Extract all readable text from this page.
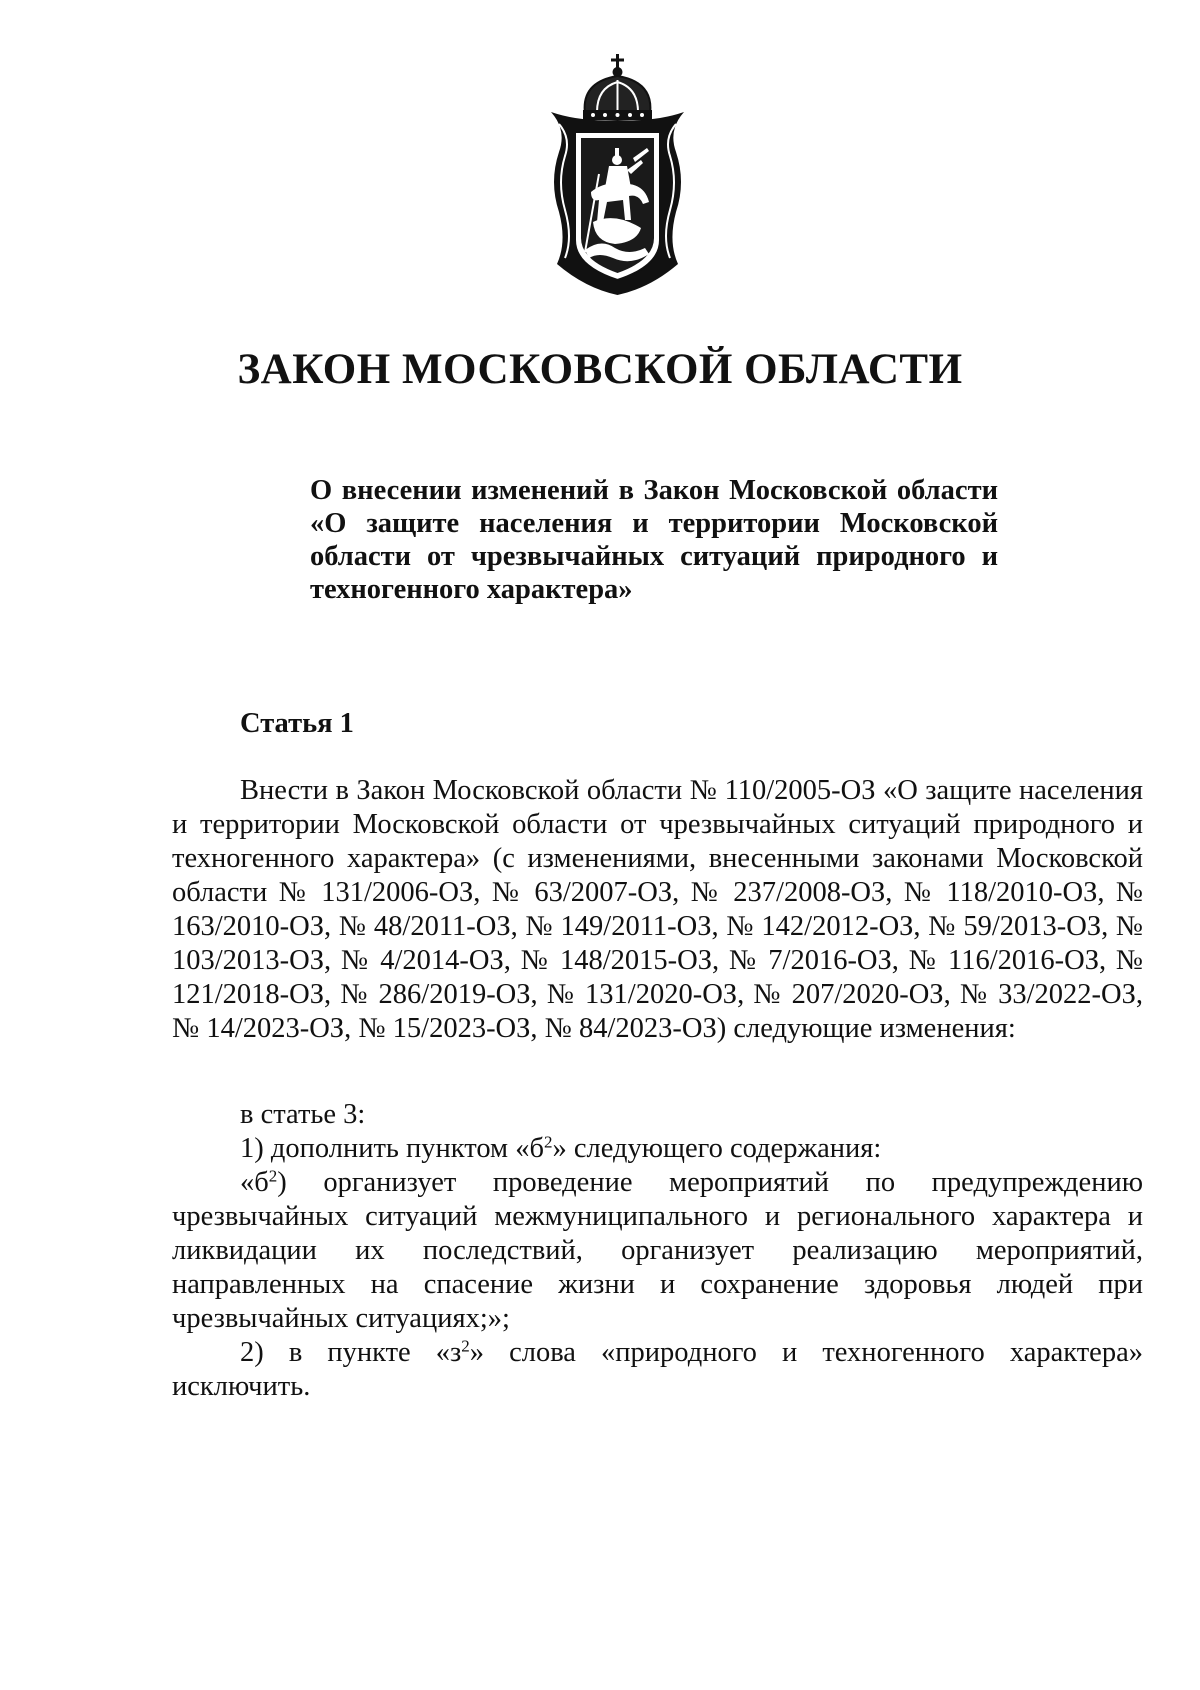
ЗАКОН МОСКОВСКОЙ ОБЛАСТИ

О внесении изменений в Закон Московской области «О защите населения и территории Московской области от чрезвычайных ситуаций природного и техногенного характера»

Статья 1

Внести в Закон Московской области № 110/2005-ОЗ «О защите населения и территории Московской области от чрезвычайных ситуаций природного и техногенного характера» (с изменениями, внесенными законами Московской области № 131/2006-ОЗ, № 63/2007-ОЗ, № 237/2008-ОЗ, № 118/2010-ОЗ, № 163/2010-ОЗ, № 48/2011-ОЗ, № 149/2011-ОЗ, № 142/2012-ОЗ, № 59/2013-ОЗ, № 103/2013-ОЗ, № 4/2014-ОЗ, № 148/2015-ОЗ, № 7/2016-ОЗ, № 116/2016-ОЗ, № 121/2018-ОЗ, № 286/2019-ОЗ, № 131/2020-ОЗ, № 207/2020-ОЗ, № 33/2022-ОЗ, № 14/2023-ОЗ, № 15/2023-ОЗ, № 84/2023-ОЗ) следующие изменения:

в статье 3:

1) дополнить пунктом «$б^2$» следующего содержания:

«$б^2$) организует проведение мероприятий по предупреждению чрезвычайных ситуаций межмуниципального и регионального характера и ликвидации их последствий, организует реализацию мероприятий, направленных на спасение жизни и сохранение здоровья людей при чрезвычайных ситуациях;»;

2) в пункте «$з^2$» слова «природного и техногенного характера» исключить.
